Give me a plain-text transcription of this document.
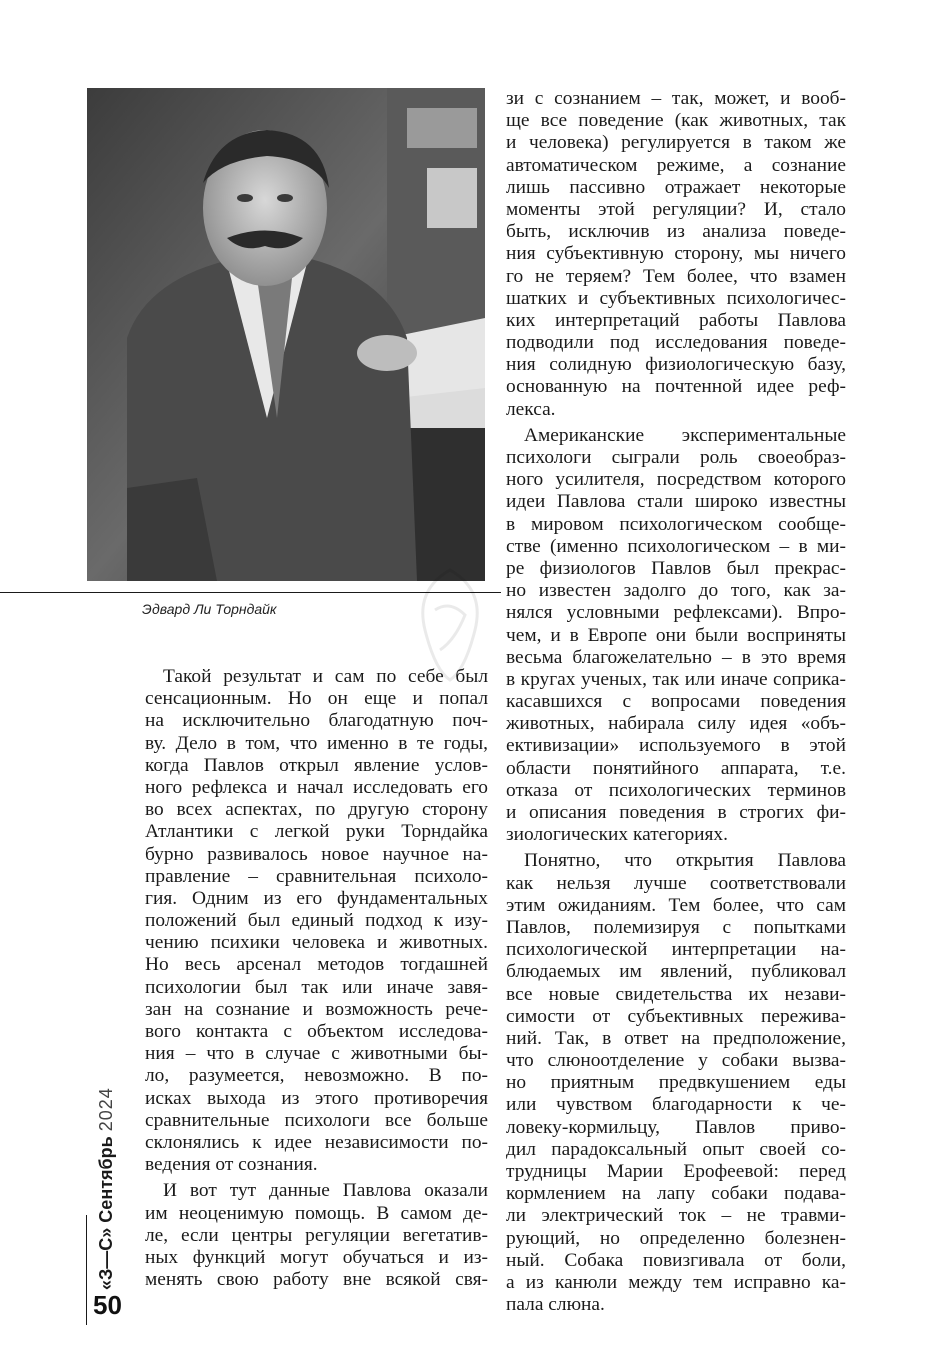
Эдвард Ли Торндайк
Такой результат и сам по себе был
сенсационным. Но он еще и попал
на исключительно благодатную поч-
ву. Дело в том, что именно в те годы,
когда Павлов открыл явление услов-
ного рефлекса и начал исследовать его
во всех аспектах, по другую сторону
Атлантики с легкой руки Торндайка
бурно развивалось новое научное на-
правление – сравнительная психоло-
гия. Одним из его фундаментальных
положений был единый подход к изу-
чению психики человека и животных.
Но весь арсенал методов тогдашней
психологии был так или иначе завя-
зан на сознание и возможность рече-
вого контакта с объектом исследова-
ния – что в случае с животными бы-
ло, разумеется, невозможно. В по-
исках выхода из этого противоречия
сравнительные психологи все больше
склонялись к идее независимости по-
ведения от сознания.
И вот тут данные Павлова оказали
им неоценимую помощь. В самом де-
ле, если центры регуляции вегетатив-
ных функций могут обучаться и из-
менять свою работу вне всякой свя-
зи с сознанием – так, может, и вооб-
ще все поведение (как животных, так
и человека) регулируется в таком же
автоматическом режиме, а сознание
лишь пассивно отражает некоторые
моменты этой регуляции? И, стало
быть, исключив из анализа поведе-
ния субъективную сторону, мы ничего
го не теряем? Тем более, что взамен
шатких и субъективных психологичес-
ких интерпретаций работы Павлова
подводили под исследования поведе-
ния солидную физиологическую базу,
основанную на почтенной идее реф-
лекса.
Американские экспериментальные
психологи сыграли роль своеобраз-
ного усилителя, посредством которого
идеи Павлова стали широко известны
в мировом психологическом сообще-
стве (именно психологическом – в ми-
ре физиологов Павлов был прекрас-
но известен задолго до того, как за-
нялся условными рефлексами). Впро-
чем, и в Европе они были восприняты
весьма благожелательно – в это время
в кругах ученых, так или иначе соприка-
касавшихся с вопросами поведения
животных, набирала силу идея «объ-
ективизации» используемого в этой
области понятийного аппарата, т.е.
отказа от психологических терминов
и описания поведения в строгих фи-
зиологических категориях.
Понятно, что открытия Павлова
как нельзя лучше соответствовали
этим ожиданиям. Тем более, что сам
Павлов, полемизируя с попытками
психологической интерпретации на-
блюдаемых им явлений, публиковал
все новые свидетельства их незави-
симости от субъективных пережива-
ний. Так, в ответ на предположение,
что слюноотделение у собаки вызва-
но приятным предвкушением еды
или чувством благодарности к че-
ловеку-кормильцу, Павлов приво-
дил парадоксальный опыт своей со-
трудницы Марии Ерофеевой: перед
кормлением на лапу собаки подава-
ли электрический ток – не травми-
рующий, но определенно болезнен-
ный. Собака повизгивала от боли,
а из канюли между тем исправно ка-
пала слюна.
«З—С» Сентябрь 2024
50
